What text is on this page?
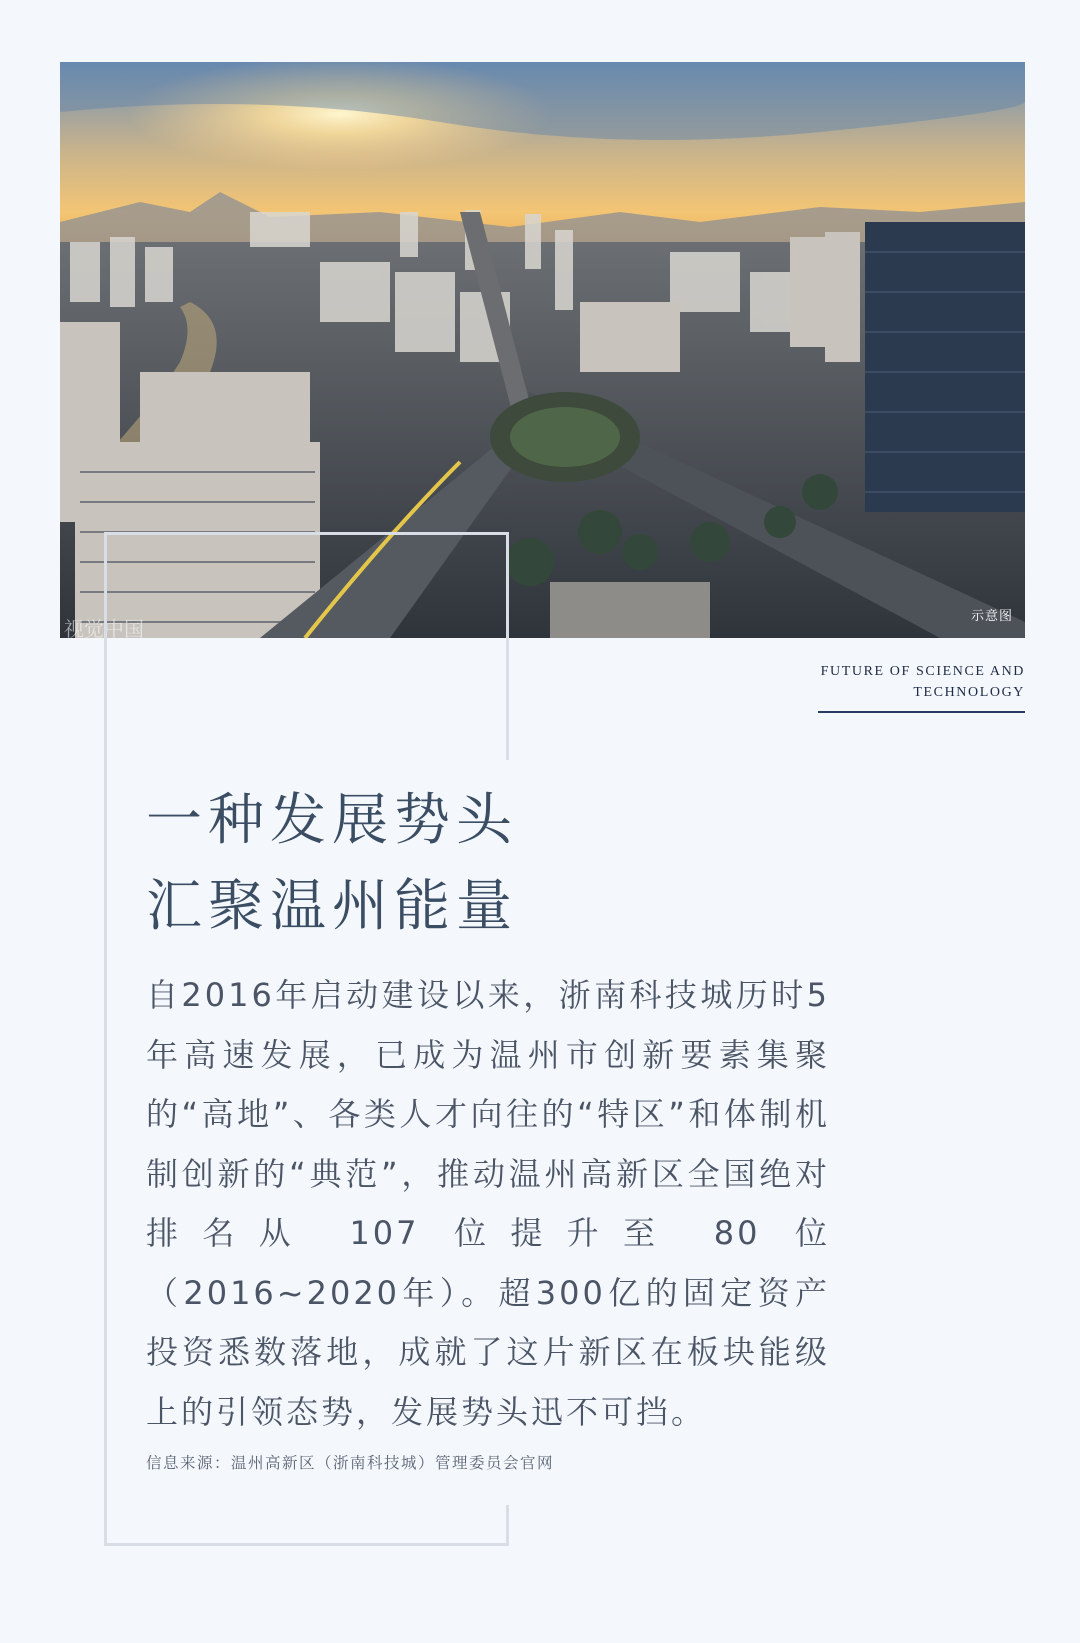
视觉中国
示意图
FUTURE OF SCIENCE AND
TECHNOLOGY
一种发展势头
汇聚温州能量

自2016年启动建设以来，浙南科技城历时5年高速发展，已成为温州市创新要素集聚的“高地”、各类人才向往的“特区”和体制机制创新的“典范”，推动温州高新区全国绝对排名从 107 位提升至 80 位（2016~2020年）。超300亿的固定资产投资悉数落地，成就了这片新区在板块能级上的引领态势，发展势头迅不可挡。

信息来源：温州高新区（浙南科技城）管理委员会官网
